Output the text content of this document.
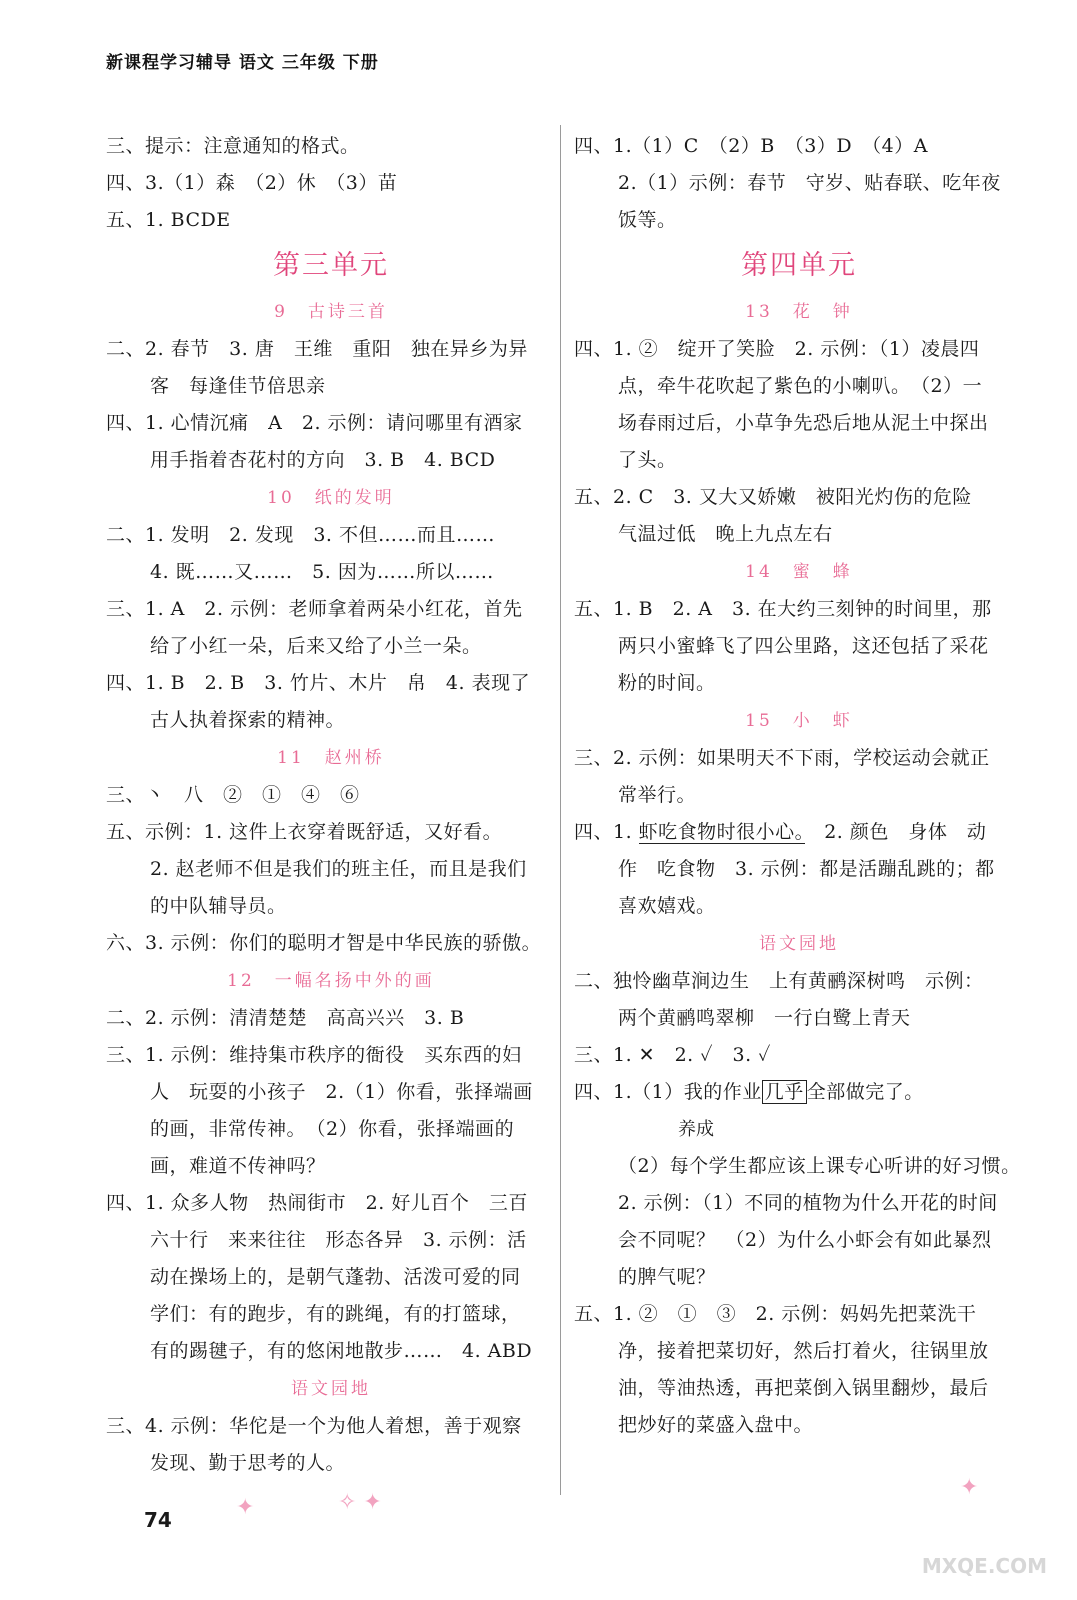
新课程学习辅导 语文 三年级 下册
三、提示：注意通知的格式。
四、3.（1）森　（2）休　（3）苗
五、1. BCDE
第三单元
9　古诗三首
二、2. 春节　3. 唐　王维　重阳　独在异乡为异
客　每逢佳节倍思亲
四、1. 心情沉痛　A　2. 示例：请问哪里有酒家
用手指着杏花村的方向　3. B　4. BCD
10　纸的发明
二、1. 发明　2. 发现　3. 不但……而且……
4. 既……又……　5. 因为……所以……
三、1. A　2. 示例：老师拿着两朵小红花，首先
给了小红一朵，后来又给了小兰一朵。
四、1. B　2. B　3. 竹片、木片　帛　4. 表现了
古人执着探索的精神。
11　赵州桥
三、丶　八　②　①　④　⑥
五、示例：1. 这件上衣穿着既舒适，又好看。
2. 赵老师不但是我们的班主任，而且是我们
的中队辅导员。
六、3. 示例：你们的聪明才智是中华民族的骄傲。
12　一幅名扬中外的画
二、2. 示例：清清楚楚　高高兴兴　3. B
三、1. 示例：维持集市秩序的衙役　买东西的妇
人　玩耍的小孩子　2.（1）你看，张择端画
的画，非常传神。　（2）你看，张择端画的
画，难道不传神吗？
四、1. 众多人物　热闹街市　2. 好儿百个　三百
六十行　来来往往　形态各异　3. 示例：活
动在操场上的，是朝气蓬勃、活泼可爱的同
学们：有的跑步，有的跳绳，有的打篮球，
有的踢毽子，有的悠闲地散步……　4. ABD
语文园地
三、4. 示例：华佗是一个为他人着想，善于观察
发现、勤于思考的人。
四、1.（1）C　（2）B　（3）D　（4）A
2.（1）示例：春节　守岁、贴春联、吃年夜
饭等。
第四单元
13　花　钟
四、1. ②　绽开了笑脸　2. 示例：（1）凌晨四
点，牵牛花吹起了紫色的小喇叭。　（2）一
场春雨过后，小草争先恐后地从泥土中探出
了头。
五、2. C　3. 又大又娇嫩　被阳光灼伤的危险
气温过低　晚上九点左右
14　蜜　蜂
五、1. B　2. A　3. 在大约三刻钟的时间里，那
两只小蜜蜂飞了四公里路，这还包括了采花
粉的时间。
15　小　虾
三、2. 示例：如果明天不下雨，学校运动会就正
常举行。
四、1. 虾吃食物时很小心。　2. 颜色　身体　动
作　吃食物　3. 示例：都是活蹦乱跳的；都
喜欢嬉戏。
语文园地
二、独怜幽草涧边生　上有黄鹂深树鸣　示例：
两个黄鹂鸣翠柳　一行白鹭上青天
三、1. ✕　2. ✓　3. ✓
四、1.（1）我的作业 几乎 全部做完了。
养成
（2）每个学生都应该上课专心听讲的好习惯。
2. 示例：（1）不同的植物为什么开花的时间
会不同呢？　（2）为什么小虾会有如此暴烈
的脾气呢？
五、1. ②　①　③　2. 示例：妈妈先把菜洗干
净，接着把菜切好，然后打着火，往锅里放
油，等油热透，再把菜倒入锅里翻炒，最后
把炒好的菜盛入盘中。
74	✦	✧ ✦
✦
MXQE.COM
